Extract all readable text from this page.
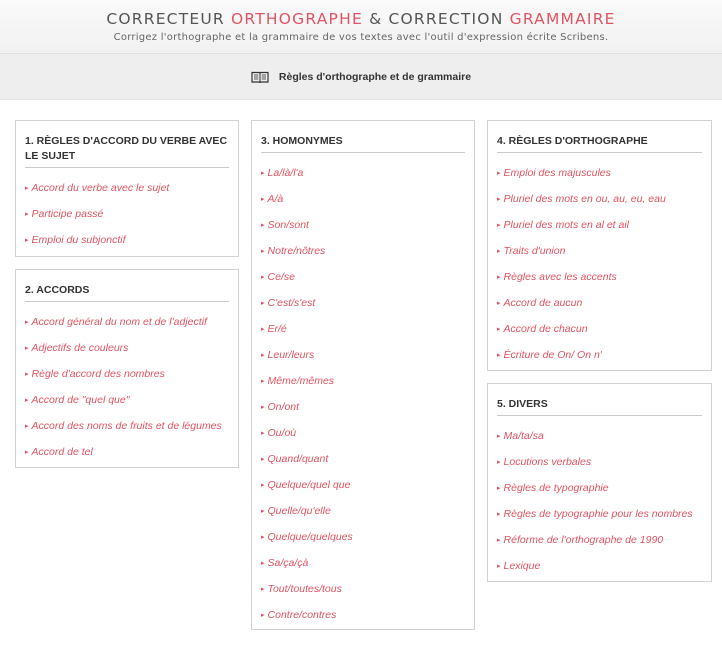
CORRECTEUR ORTHOGRAPHE & CORRECTION GRAMMAIRE
Corrigez l'orthographe et la grammaire de vos textes avec l'outil d'expression écrite Scribens.
Règles d'orthographe et de grammaire
1. RÈGLES D'ACCORD DU VERBE AVEC LE SUJET
▸ Accord du verbe avec le sujet
▸ Participe passé
▸ Emploi du subjonctif
2. ACCORDS
▸ Accord général du nom et de l'adjectif
▸ Adjectifs de couleurs
▸ Règle d'accord des nombres
▸ Accord de "quel que"
▸ Accord des noms de fruits et de légumes
▸ Accord de tel
3. HOMONYMES
▸ La/là/l'a
▸ A/à
▸ Son/sont
▸ Notre/nôtres
▸ Ce/se
▸ C'est/s'est
▸ Er/é
▸ Leur/leurs
▸ Même/mêmes
▸ On/ont
▸ Ou/où
▸ Quand/quant
▸ Quelque/quel que
▸ Quelle/qu'elle
▸ Quelque/quelques
▸ Sa/ça/çà
▸ Tout/toutes/tous
▸ Contre/contres
4. RÈGLES D'ORTHOGRAPHE
▸ Emploi des majuscules
▸ Pluriel des mots en ou, au, eu, eau
▸ Pluriel des mots en al et ail
▸ Traits d'union
▸ Règles avec les accents
▸ Accord de aucun
▸ Accord de chacun
▸ Écriture de On/ On n'
5. DIVERS
▸ Ma/ta/sa
▸ Locutions verbales
▸ Règles de typographie
▸ Règles de typographie pour les nombres
▸ Réforme de l'orthographe de 1990
▸ Lexique
